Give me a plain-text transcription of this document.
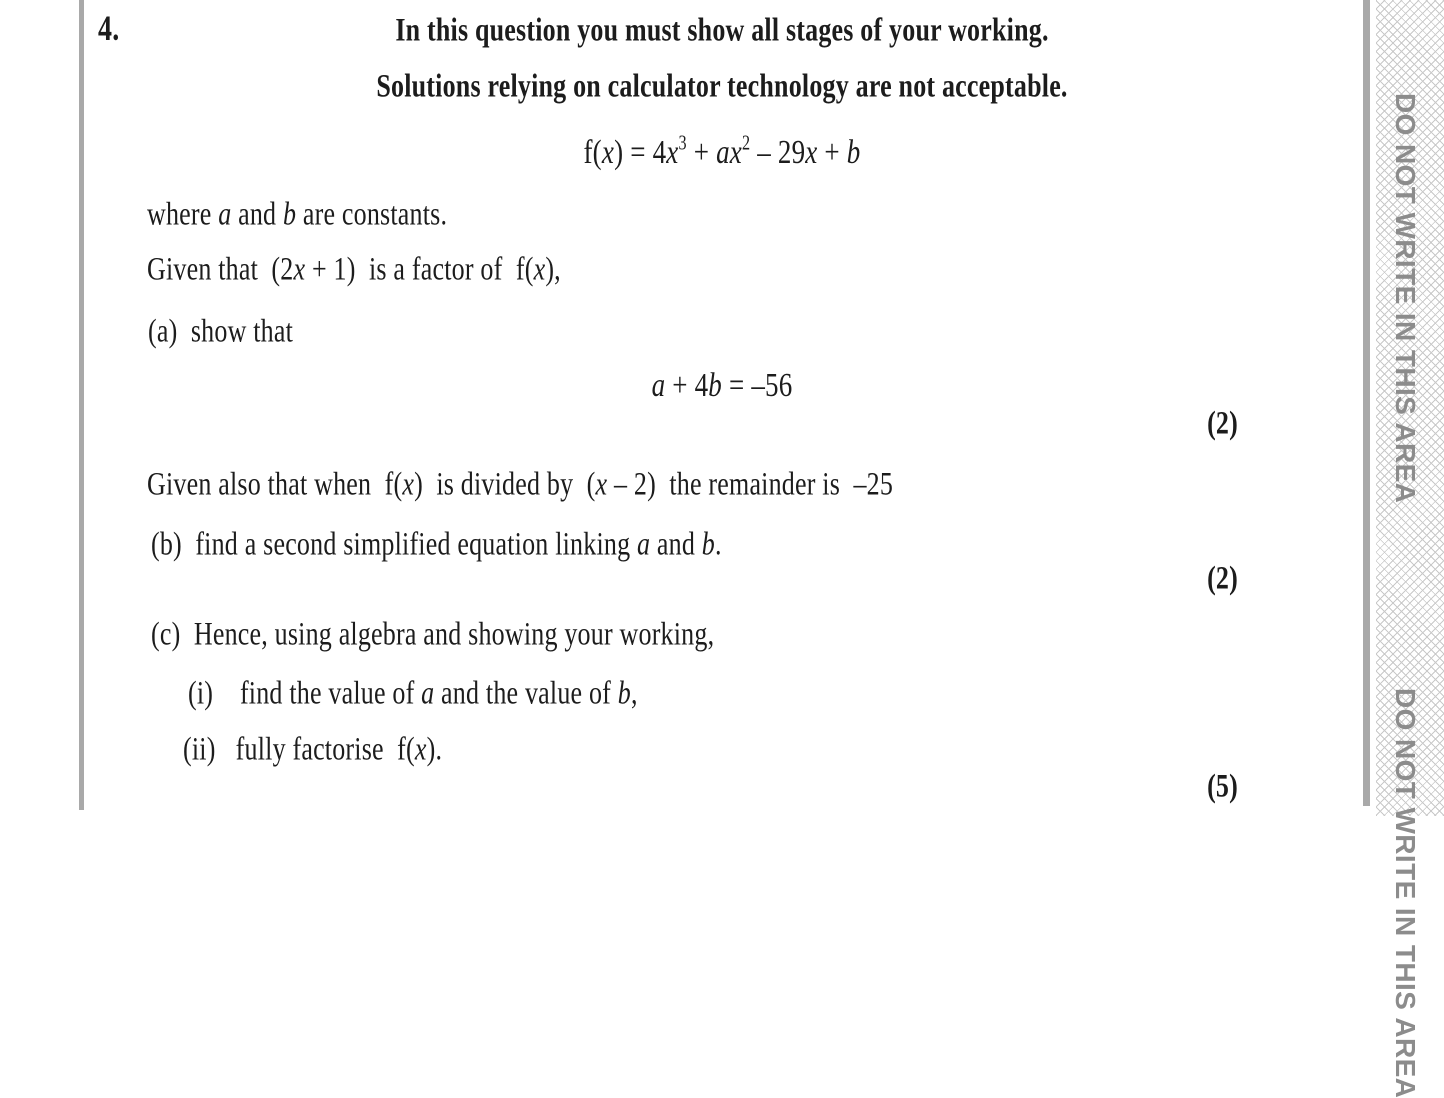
4.	In this question you must show all stages of your working.
Solutions relying on calculator technology are not acceptable.
$f(x) = 4x^3 + ax^2 - 29x + b$
where a and b are constants.
Given that  (2x + 1)  is a factor of  f(x),
(a)  show that
a + 4b = –56
(2)
Given also that when  f(x)  is divided by  (x – 2)  the remainder is  –25
(b)  find a second simplified equation linking a and b.
(2)
(c)  Hence, using algebra and showing your working,
(i)    find the value of a and the value of b,
(ii)   fully factorise  f(x).
(5)
DO NOT WRITE IN THIS AREA
DO NOT WRITE IN THIS AREA
